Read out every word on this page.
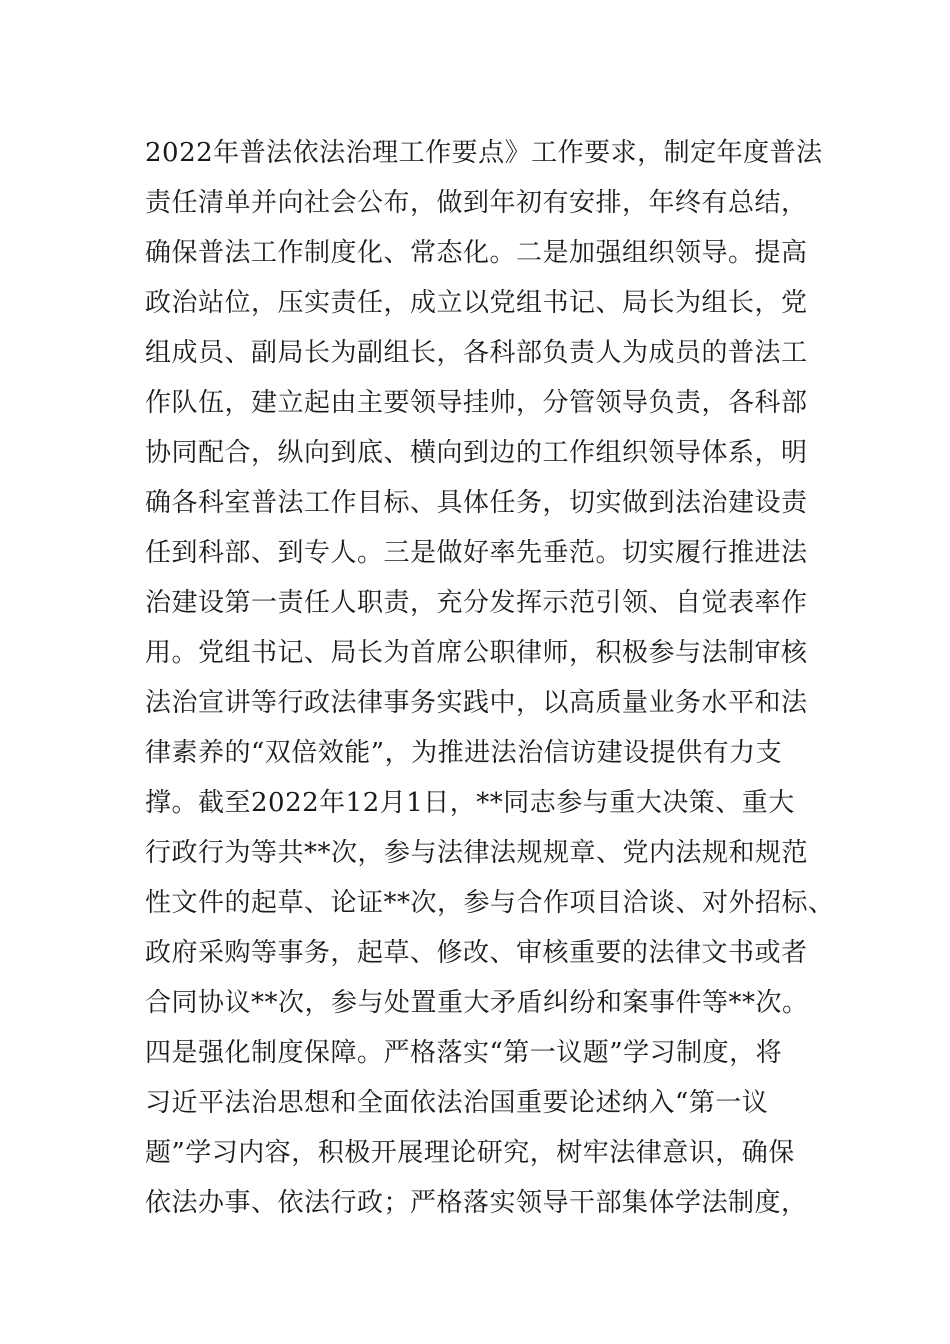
2022年普法依法治理工作要点》工作要求，制定年度普法
责任清单并向社会公布，做到年初有安排，年终有总结，
确保普法工作制度化、常态化。二是加强组织领导。提高
政治站位，压实责任，成立以党组书记、局长为组长，党
组成员、副局长为副组长，各科部负责人为成员的普法工
作队伍，建立起由主要领导挂帅，分管领导负责，各科部
协同配合，纵向到底、横向到边的工作组织领导体系，明
确各科室普法工作目标、具体任务，切实做到法治建设责
任到科部、到专人。三是做好率先垂范。切实履行推进法
治建设第一责任人职责，充分发挥示范引领、自觉表率作
用。党组书记、局长为首席公职律师，积极参与法制审核
法治宣讲等行政法律事务实践中，以高质量业务水平和法
律素养的“双倍效能”，为推进法治信访建设提供有力支
撑。截至2022年12月1日，**同志参与重大决策、重大
行政行为等共**次，参与法律法规规章、党内法规和规范
性文件的起草、论证**次，参与合作项目洽谈、对外招标、
政府采购等事务，起草、修改、审核重要的法律文书或者
合同协议**次，参与处置重大矛盾纠纷和案事件等**次。
四是强化制度保障。严格落实“第一议题”学习制度，将
习近平法治思想和全面依法治国重要论述纳入“第一议
题”学习内容，积极开展理论研究，树牢法律意识，确保
依法办事、依法行政；严格落实领导干部集体学法制度，
